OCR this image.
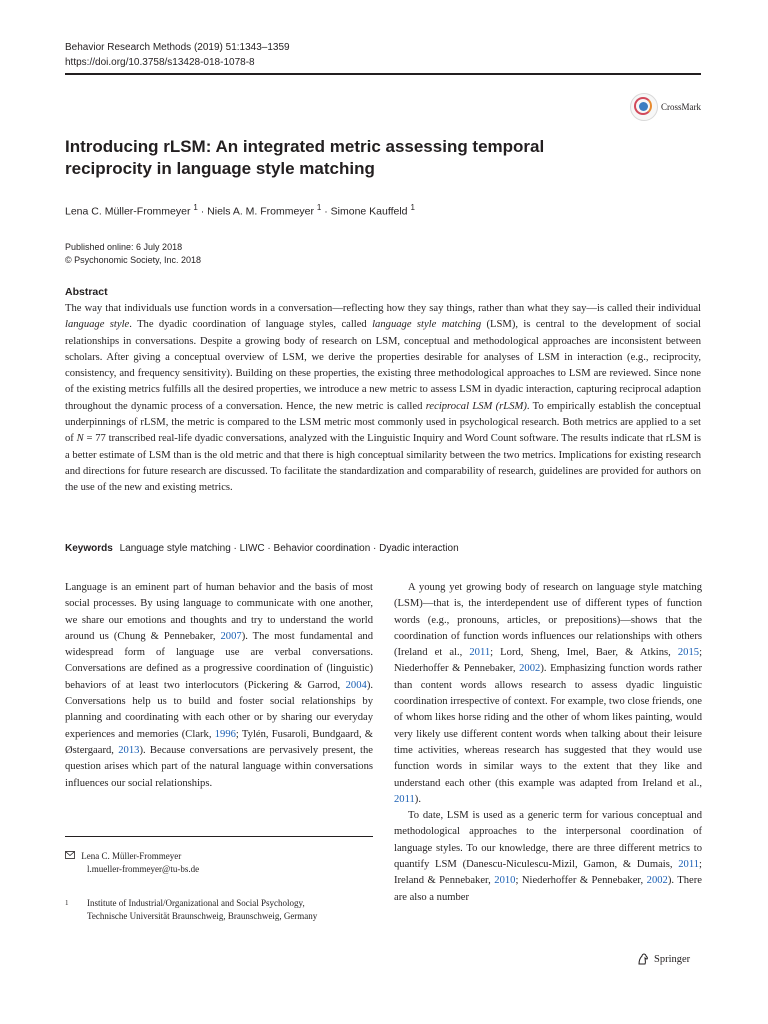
Behavior Research Methods (2019) 51:1343–1359
https://doi.org/10.3758/s13428-018-1078-8
CrossMark
Introducing rLSM: An integrated metric assessing temporal reciprocity in language style matching
Lena C. Müller-Frommeyer $^1$ · Niels A. M. Frommeyer $^1$ · Simone Kauffeld $^1$
Published online: 6 July 2018
© Psychonomic Society, Inc. 2018
Abstract
The way that individuals use function words in a conversation—reflecting how they say things, rather than what they say—is called their individual language style. The dyadic coordination of language styles, called language style matching (LSM), is central to the development of social relationships in conversations. Despite a growing body of research on LSM, conceptual and methodological approaches are inconsistent between scholars. After giving a conceptual overview of LSM, we derive the properties desirable for analyses of LSM in interaction (e.g., reciprocity, consistency, and frequency sensitivity). Building on these properties, the existing three methodological approaches to LSM are reviewed. Since none of the existing metrics fulfills all the desired properties, we introduce a new metric to assess LSM in dyadic interaction, capturing reciprocal adaption throughout the dynamic process of a conversation. Hence, the new metric is called reciprocal LSM (rLSM). To empirically establish the conceptual underpinnings of rLSM, the metric is compared to the LSM metric most commonly used in psychological research. Both metrics are applied to a set of N = 77 transcribed real-life dyadic conversations, analyzed with the Linguistic Inquiry and Word Count software. The results indicate that rLSM is a better estimate of LSM than is the old metric and that there is high conceptual similarity between the two metrics. Implications for existing research and directions for future research are discussed. To facilitate the standardization and comparability of research, guidelines are provided for authors on the use of the new and existing metrics.
Keywords Language style matching · LIWC · Behavior coordination · Dyadic interaction

Language is an eminent part of human behavior and the basis of most social processes. By using language to communicate with one another, we share our emotions and thoughts and try to understand the world around us (Chung & Pennebaker, 2007). The most fundamental and widespread form of language use are verbal conversations. Conversations are defined as a progressive coordination of (linguistic) behaviors of at least two interlocutors (Pickering & Garrod, 2004). Conversations help us to build and foster social relationships by planning and coordinating with each other or by sharing our everyday experiences and memories (Clark, 1996; Tylén, Fusaroli, Bundgaard, & Østergaard, 2013). Because conversations are pervasively present, the question arises which part of the natural language within conversations influences our social relationships.

A young yet growing body of research on language style matching (LSM)—that is, the interdependent use of different types of function words (e.g., pronouns, articles, or prepositions)—shows that the coordination of function words influences our relationships with others (Ireland et al., 2011; Lord, Sheng, Imel, Baer, & Atkins, 2015; Niederhoffer & Pennebaker, 2002). Emphasizing function words rather than content words allows research to assess dyadic linguistic coordination irrespective of context. For example, two close friends, one of whom likes horse riding and the other of whom likes painting, would very likely use different content words when talking about their leisure time activities, whereas research has suggested that they would use function words in similar ways to the extent that they like and understand each other (this example was adapted from Ireland et al., 2011).

To date, LSM is used as a generic term for various conceptual and methodological approaches to the interpersonal coordination of language styles. To our knowledge, there are three different metrics to quantify LSM (Danescu-Niculescu-Mizil, Gamon, & Dumais, 2011; Ireland & Pennebaker, 2010; Niederhoffer & Pennebaker, 2002). There are also a number

Lena C. Müller-Frommeyer
l.mueller-frommeyer@tu-bs.de
1	Institute of Industrial/Organizational and Social Psychology,
Technische Universität Braunschweig, Braunschweig, Germany
Springer
